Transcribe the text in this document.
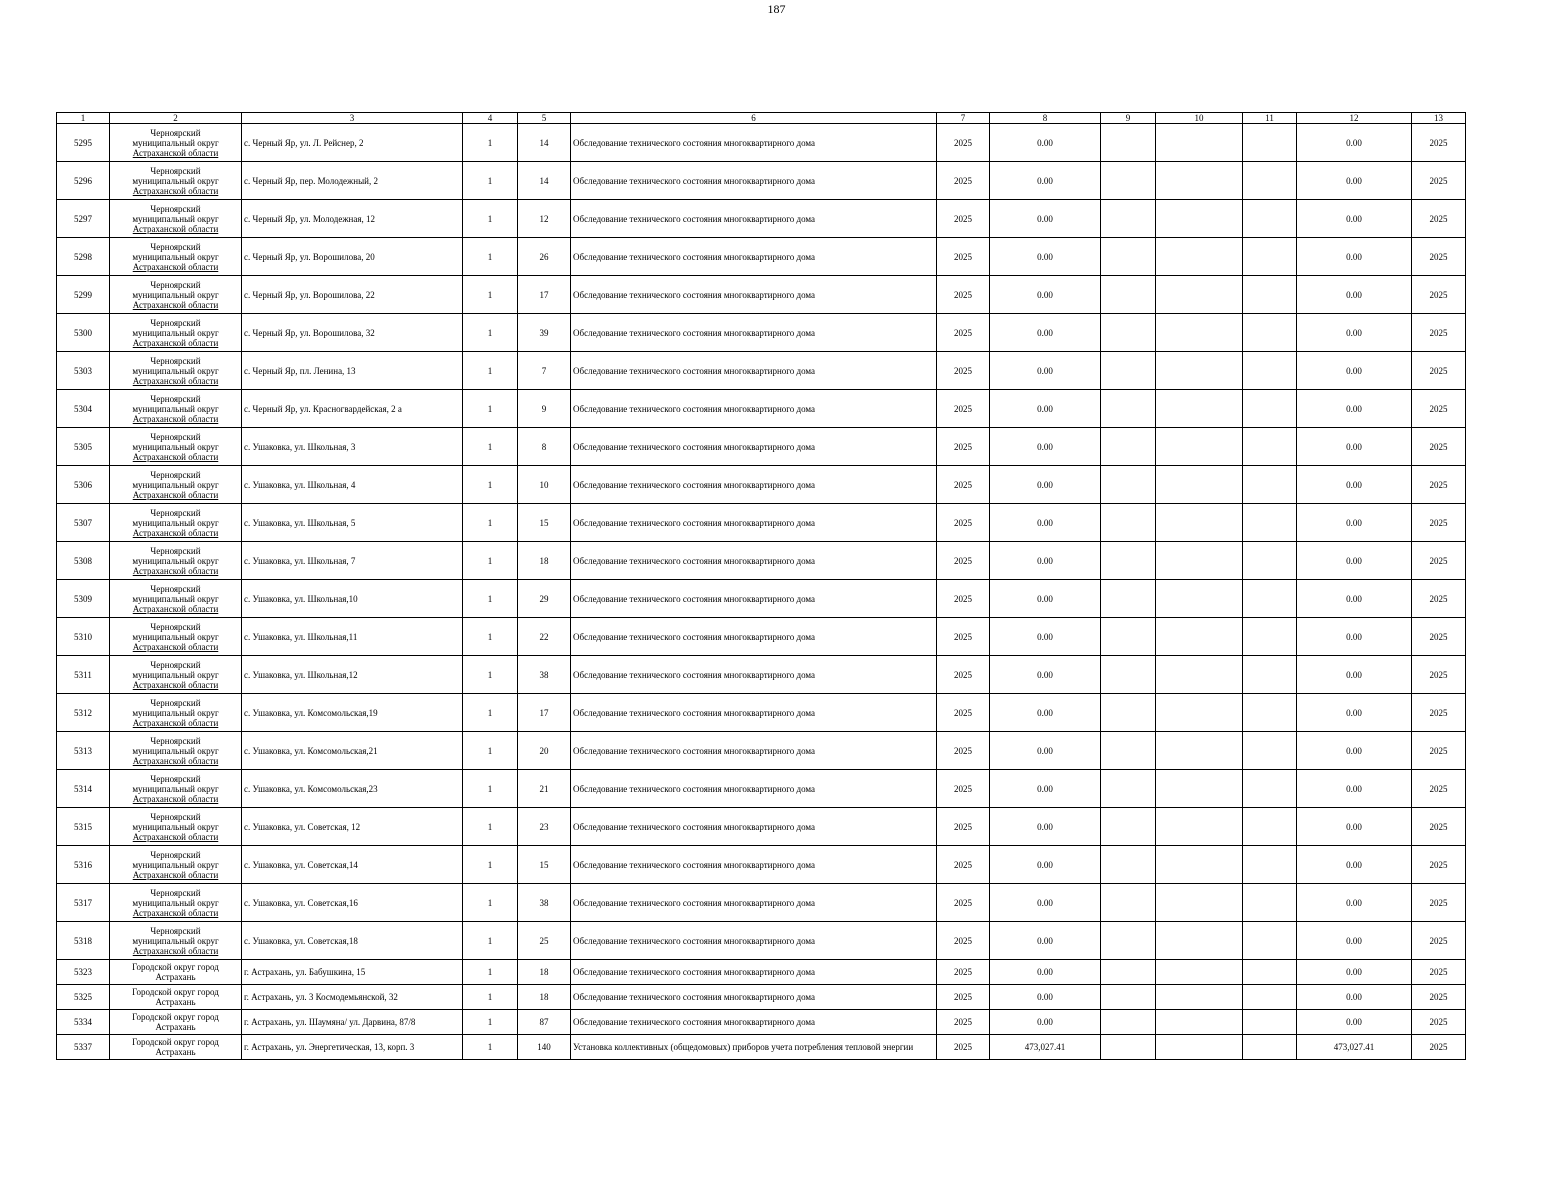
187
1	2	3	4	5	6	7	8	9	10	11	12	13
5295	Черноярский
муниципальный округ
Астраханской области	с. Черный Яр, ул. Л. Рейснер, 2	1	14	Обследование технического состояния многоквартирного дома	2025	0.00				0.00	2025
5296	Черноярский
муниципальный округ
Астраханской области	с. Черный Яр, пер. Молодежный, 2	1	14	Обследование технического состояния многоквартирного дома	2025	0.00				0.00	2025
5297	Черноярский
муниципальный округ
Астраханской области	с. Черный Яр, ул. Молодежная, 12	1	12	Обследование технического состояния многоквартирного дома	2025	0.00				0.00	2025
5298	Черноярский
муниципальный округ
Астраханской области	с. Черный Яр, ул. Ворошилова, 20	1	26	Обследование технического состояния многоквартирного дома	2025	0.00				0.00	2025
5299	Черноярский
муниципальный округ
Астраханской области	с. Черный Яр, ул. Ворошилова, 22	1	17	Обследование технического состояния многоквартирного дома	2025	0.00				0.00	2025
5300	Черноярский
муниципальный округ
Астраханской области	с. Черный Яр, ул. Ворошилова, 32	1	39	Обследование технического состояния многоквартирного дома	2025	0.00				0.00	2025
5303	Черноярский
муниципальный округ
Астраханской области	с. Черный Яр, пл. Ленина, 13	1	7	Обследование технического состояния многоквартирного дома	2025	0.00				0.00	2025
5304	Черноярский
муниципальный округ
Астраханской области	с. Черный Яр, ул. Красногвардейская, 2 а	1	9	Обследование технического состояния многоквартирного дома	2025	0.00				0.00	2025
5305	Черноярский
муниципальный округ
Астраханской области	с. Ушаковка, ул. Школьная, 3	1	8	Обследование технического состояния многоквартирного дома	2025	0.00				0.00	2025
5306	Черноярский
муниципальный округ
Астраханской области	с. Ушаковка, ул. Школьная, 4	1	10	Обследование технического состояния многоквартирного дома	2025	0.00				0.00	2025
5307	Черноярский
муниципальный округ
Астраханской области	с. Ушаковка, ул. Школьная, 5	1	15	Обследование технического состояния многоквартирного дома	2025	0.00				0.00	2025
5308	Черноярский
муниципальный округ
Астраханской области	с. Ушаковка, ул. Школьная, 7	1	18	Обследование технического состояния многоквартирного дома	2025	0.00				0.00	2025
5309	Черноярский
муниципальный округ
Астраханской области	с. Ушаковка, ул. Школьная,10	1	29	Обследование технического состояния многоквартирного дома	2025	0.00				0.00	2025
5310	Черноярский
муниципальный округ
Астраханской области	с. Ушаковка, ул. Школьная,11	1	22	Обследование технического состояния многоквартирного дома	2025	0.00				0.00	2025
5311	Черноярский
муниципальный округ
Астраханской области	с. Ушаковка, ул. Школьная,12	1	38	Обследование технического состояния многоквартирного дома	2025	0.00				0.00	2025
5312	Черноярский
муниципальный округ
Астраханской области	с. Ушаковка, ул. Комсомольская,19	1	17	Обследование технического состояния многоквартирного дома	2025	0.00				0.00	2025
5313	Черноярский
муниципальный округ
Астраханской области	с. Ушаковка, ул. Комсомольская,21	1	20	Обследование технического состояния многоквартирного дома	2025	0.00				0.00	2025
5314	Черноярский
муниципальный округ
Астраханской области	с. Ушаковка, ул. Комсомольская,23	1	21	Обследование технического состояния многоквартирного дома	2025	0.00				0.00	2025
5315	Черноярский
муниципальный округ
Астраханской области	с. Ушаковка, ул. Советская, 12	1	23	Обследование технического состояния многоквартирного дома	2025	0.00				0.00	2025
5316	Черноярский
муниципальный округ
Астраханской области	с. Ушаковка, ул. Советская,14	1	15	Обследование технического состояния многоквартирного дома	2025	0.00				0.00	2025
5317	Черноярский
муниципальный округ
Астраханской области	с. Ушаковка, ул. Советская,16	1	38	Обследование технического состояния многоквартирного дома	2025	0.00				0.00	2025
5318	Черноярский
муниципальный округ
Астраханской области	с. Ушаковка, ул. Советская,18	1	25	Обследование технического состояния многоквартирного дома	2025	0.00				0.00	2025
5323	Городской округ город
Астрахань	г. Астрахань, ул. Бабушкина, 15	1	18	Обследование технического состояния многоквартирного дома	2025	0.00				0.00	2025
5325	Городской округ город
Астрахань	г. Астрахань, ул. 3 Космодемьянской, 32	1	18	Обследование технического состояния многоквартирного дома	2025	0.00				0.00	2025
5334	Городской округ город
Астрахань	г. Астрахань, ул. Шаумяна/ ул. Дарвина, 87/8	1	87	Обследование технического состояния многоквартирного дома	2025	0.00				0.00	2025
5337	Городской округ город
Астрахань	г. Астрахань, ул. Энергетическая, 13, корп. 3	1	140	Установка коллективных (общедомовых) приборов учета потребления тепловой энергии	2025	473,027.41				473,027.41	2025
